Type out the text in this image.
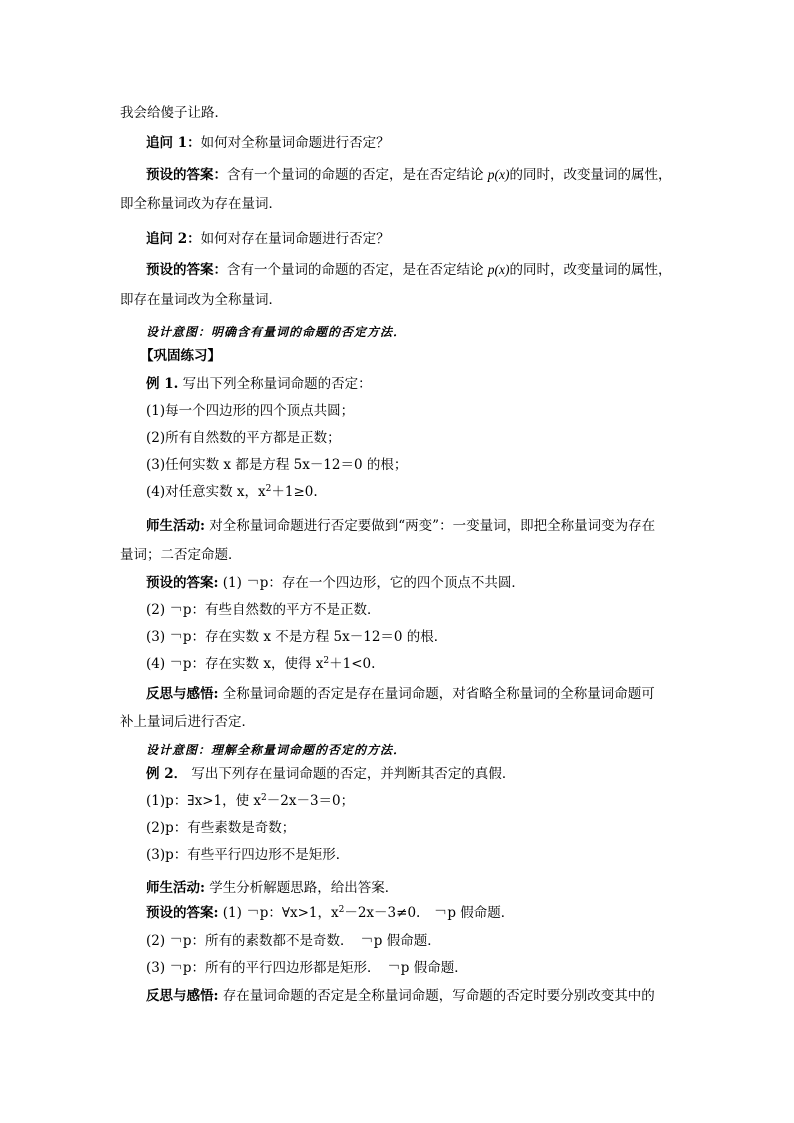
我会给傻子让路．
追问 1：如何对全称量词命题进行否定？
预设的答案：含有一个量词的命题的否定，是在否定结论 p(x)的同时，改变量词的属性，
即全称量词改为存在量词．
追问 2：如何对存在量词命题进行否定？
预设的答案：含有一个量词的命题的否定，是在否定结论 p(x)的同时，改变量词的属性，
即存在量词改为全称量词．
设计意图：明确含有量词的命题的否定方法．
【巩固练习】
例 1. 写出下列全称量词命题的否定：
(1)每一个四边形的四个顶点共圆；
(2)所有自然数的平方都是正数；
(3)任何实数 x 都是方程 5x－12＝0 的根；
(4)对任意实数 x，$x^2+1\ge 0$.
师生活动: 对全称量词命题进行否定要做到“两变”：一变量词，即把全称量词变为存在
量词；二否定命题．
预设的答案: (1) ￢p：存在一个四边形，它的四个顶点不共圆．
(2) ￢p：有些自然数的平方不是正数．
(3) ￢p：存在实数 x 不是方程 5x－12＝0 的根．
(4) ￢p：存在实数 x，使得 $x^2+1<0$.
反思与感悟: 全称量词命题的否定是存在量词命题，对省略全称量词的全称量词命题可
补上量词后进行否定．
设计意图：理解全称量词命题的否定的方法．
例 2． 写出下列存在量词命题的否定，并判断其否定的真假．
(1)p：∃x>1，使 $x^2-2x-3=0$；
(2)p：有些素数是奇数；
(3)p：有些平行四边形不是矩形．
师生活动: 学生分析解题思路，给出答案．
预设的答案: (1) ￢p：∀x>1，$x^2-2x-3\ne 0$.　￢p 假命题．
(2) ￢p：所有的素数都不是奇数．　￢p 假命题．
(3) ￢p：所有的平行四边形都是矩形．　￢p 假命题．
反思与感悟: 存在量词命题的否定是全称量词命题，写命题的否定时要分别改变其中的
